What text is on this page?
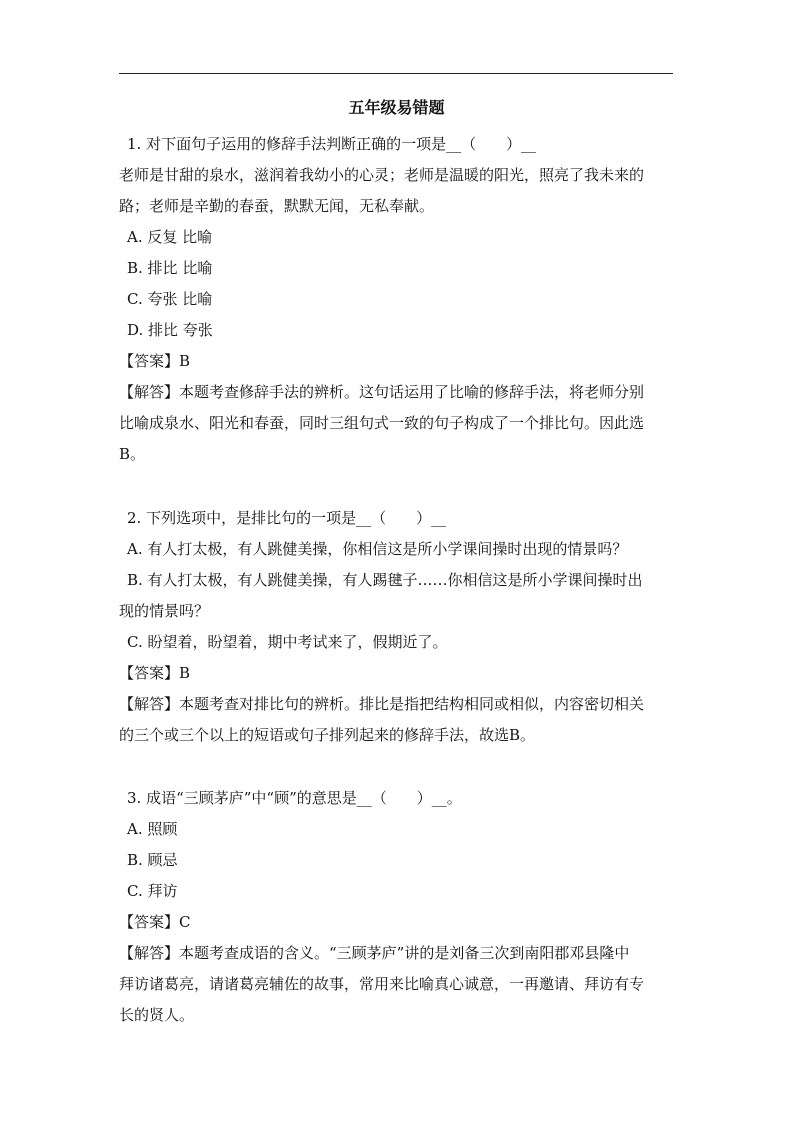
五年级易错题
1. 对下面句子运用的修辞手法判断正确的一项是__（　　）__
老师是甘甜的泉水，滋润着我幼小的心灵；老师是温暖的阳光，照亮了我未来的
路；老师是辛勤的春蚕，默默无闻，无私奉献。
A. 反复 比喻
B. 排比 比喻
C. 夸张 比喻
D. 排比 夸张
【答案】B
【解答】本题考查修辞手法的辨析。这句话运用了比喻的修辞手法，将老师分别
比喻成泉水、阳光和春蚕，同时三组句式一致的句子构成了一个排比句。因此选
B。
2. 下列选项中，是排比句的一项是__（　　）__
A. 有人打太极，有人跳健美操，你相信这是所小学课间操时出现的情景吗？
B. 有人打太极，有人跳健美操，有人踢毽子……你相信这是所小学课间操时出
现的情景吗？
C. 盼望着，盼望着，期中考试来了，假期近了。
【答案】B
【解答】本题考查对排比句的辨析。排比是指把结构相同或相似，内容密切相关
的三个或三个以上的短语或句子排列起来的修辞手法，故选B。
3. 成语“三顾茅庐”中“顾”的意思是__（　　）__。
A. 照顾
B. 顾忌
C. 拜访
【答案】C
【解答】本题考查成语的含义。“三顾茅庐”讲的是刘备三次到南阳郡邓县隆中
拜访诸葛亮，请诸葛亮辅佐的故事，常用来比喻真心诚意，一再邀请、拜访有专
长的贤人。
